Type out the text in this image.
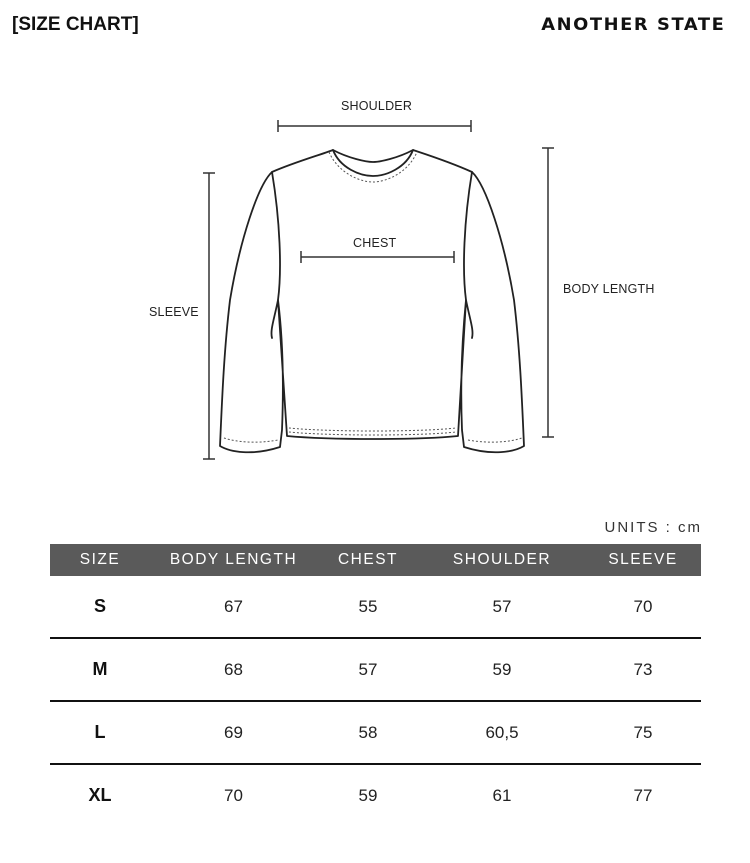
[SIZE CHART]	ANOTHER STATE
SHOULDER
CHEST
SLEEVE
BODY LENGTH
UNITS : cm
SIZE	BODY LENGTH	CHEST	SHOULDER	SLEEVE
S	67	55	57	70
M	68	57	59	73
L	69	58	60,5	75
XL	70	59	61	77
